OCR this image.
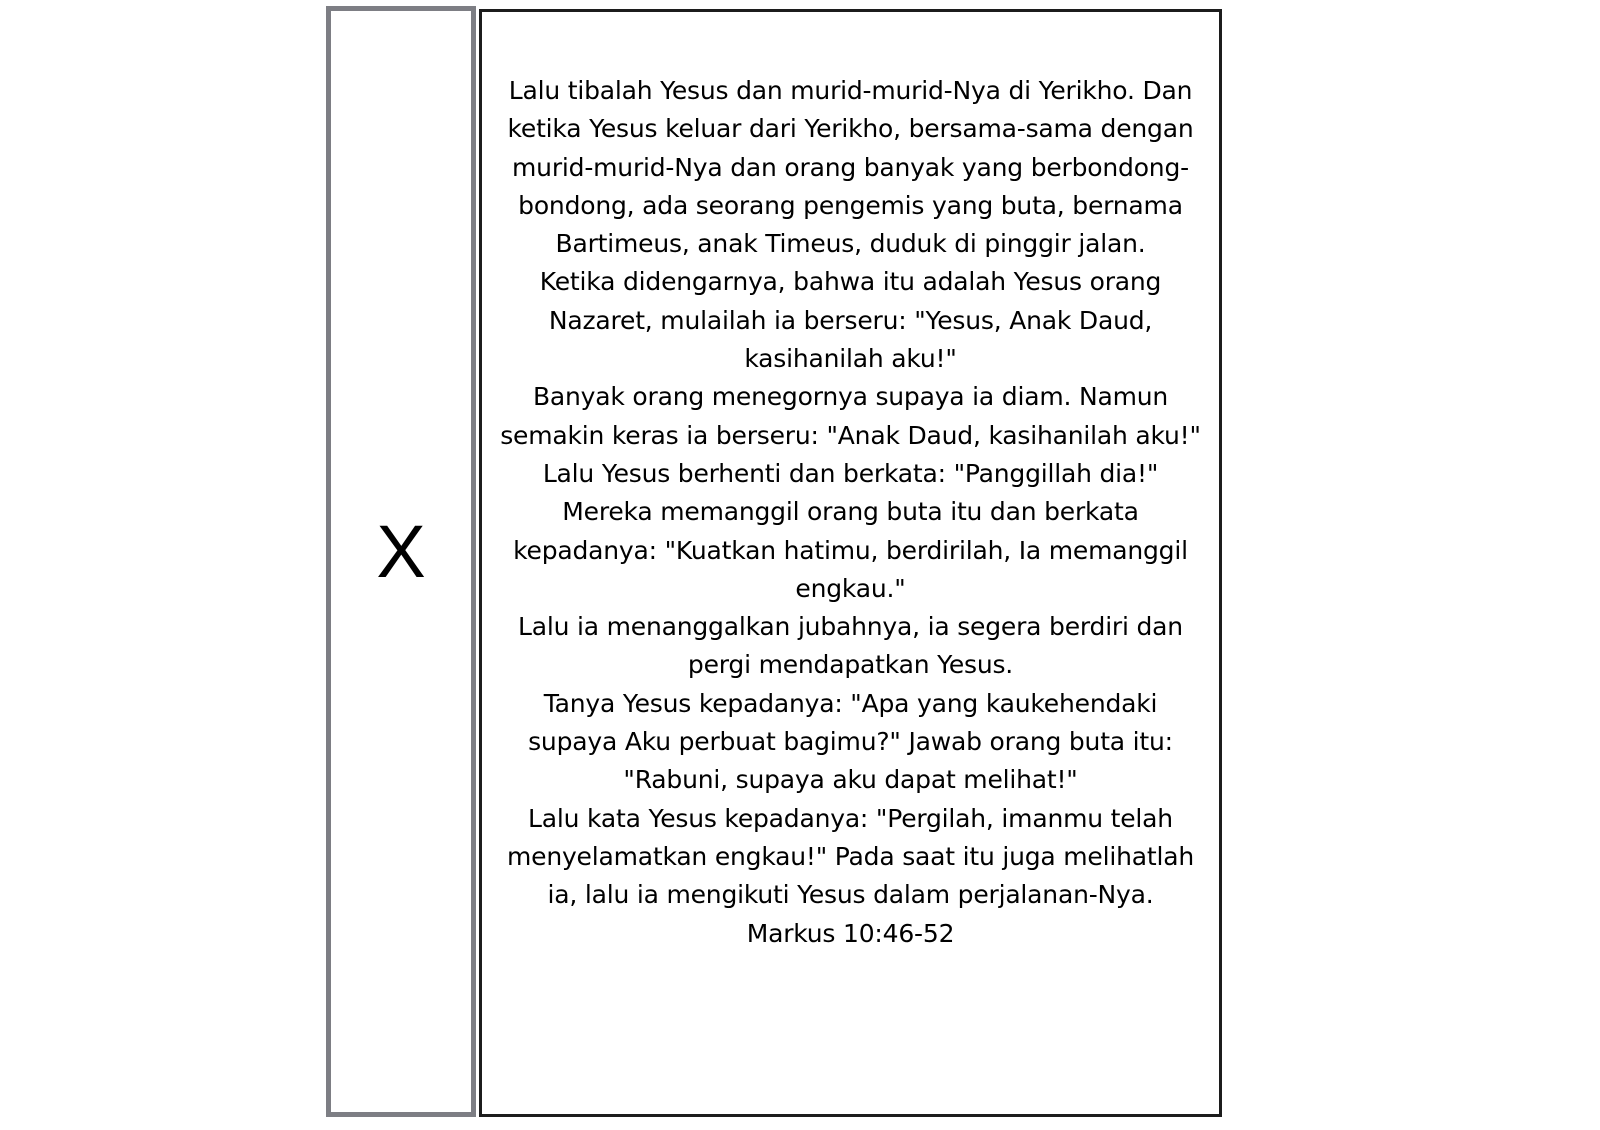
X

Lalu tibalah Yesus dan murid-murid-Nya di Yerikho. Dan ketika Yesus keluar dari Yerikho, bersama-sama dengan murid-murid-Nya dan orang banyak yang berbondong-bondong, ada seorang pengemis yang buta, bernama Bartimeus, anak Timeus, duduk di pinggir jalan.
Ketika didengarnya, bahwa itu adalah Yesus orang Nazaret, mulailah ia berseru: "Yesus, Anak Daud, kasihanilah aku!"
Banyak orang menegornya supaya ia diam. Namun semakin keras ia berseru: "Anak Daud, kasihanilah aku!"
Lalu Yesus berhenti dan berkata: "Panggillah dia!" Mereka memanggil orang buta itu dan berkata kepadanya: "Kuatkan hatimu, berdirilah, Ia memanggil engkau."
Lalu ia menanggalkan jubahnya, ia segera berdiri dan pergi mendapatkan Yesus.
Tanya Yesus kepadanya: "Apa yang kaukehendaki supaya Aku perbuat bagimu?" Jawab orang buta itu: "Rabuni, supaya aku dapat melihat!"
Lalu kata Yesus kepadanya: "Pergilah, imanmu telah menyelamatkan engkau!" Pada saat itu juga melihatlah ia, lalu ia mengikuti Yesus dalam perjalanan-Nya.
Markus 10:46-52
